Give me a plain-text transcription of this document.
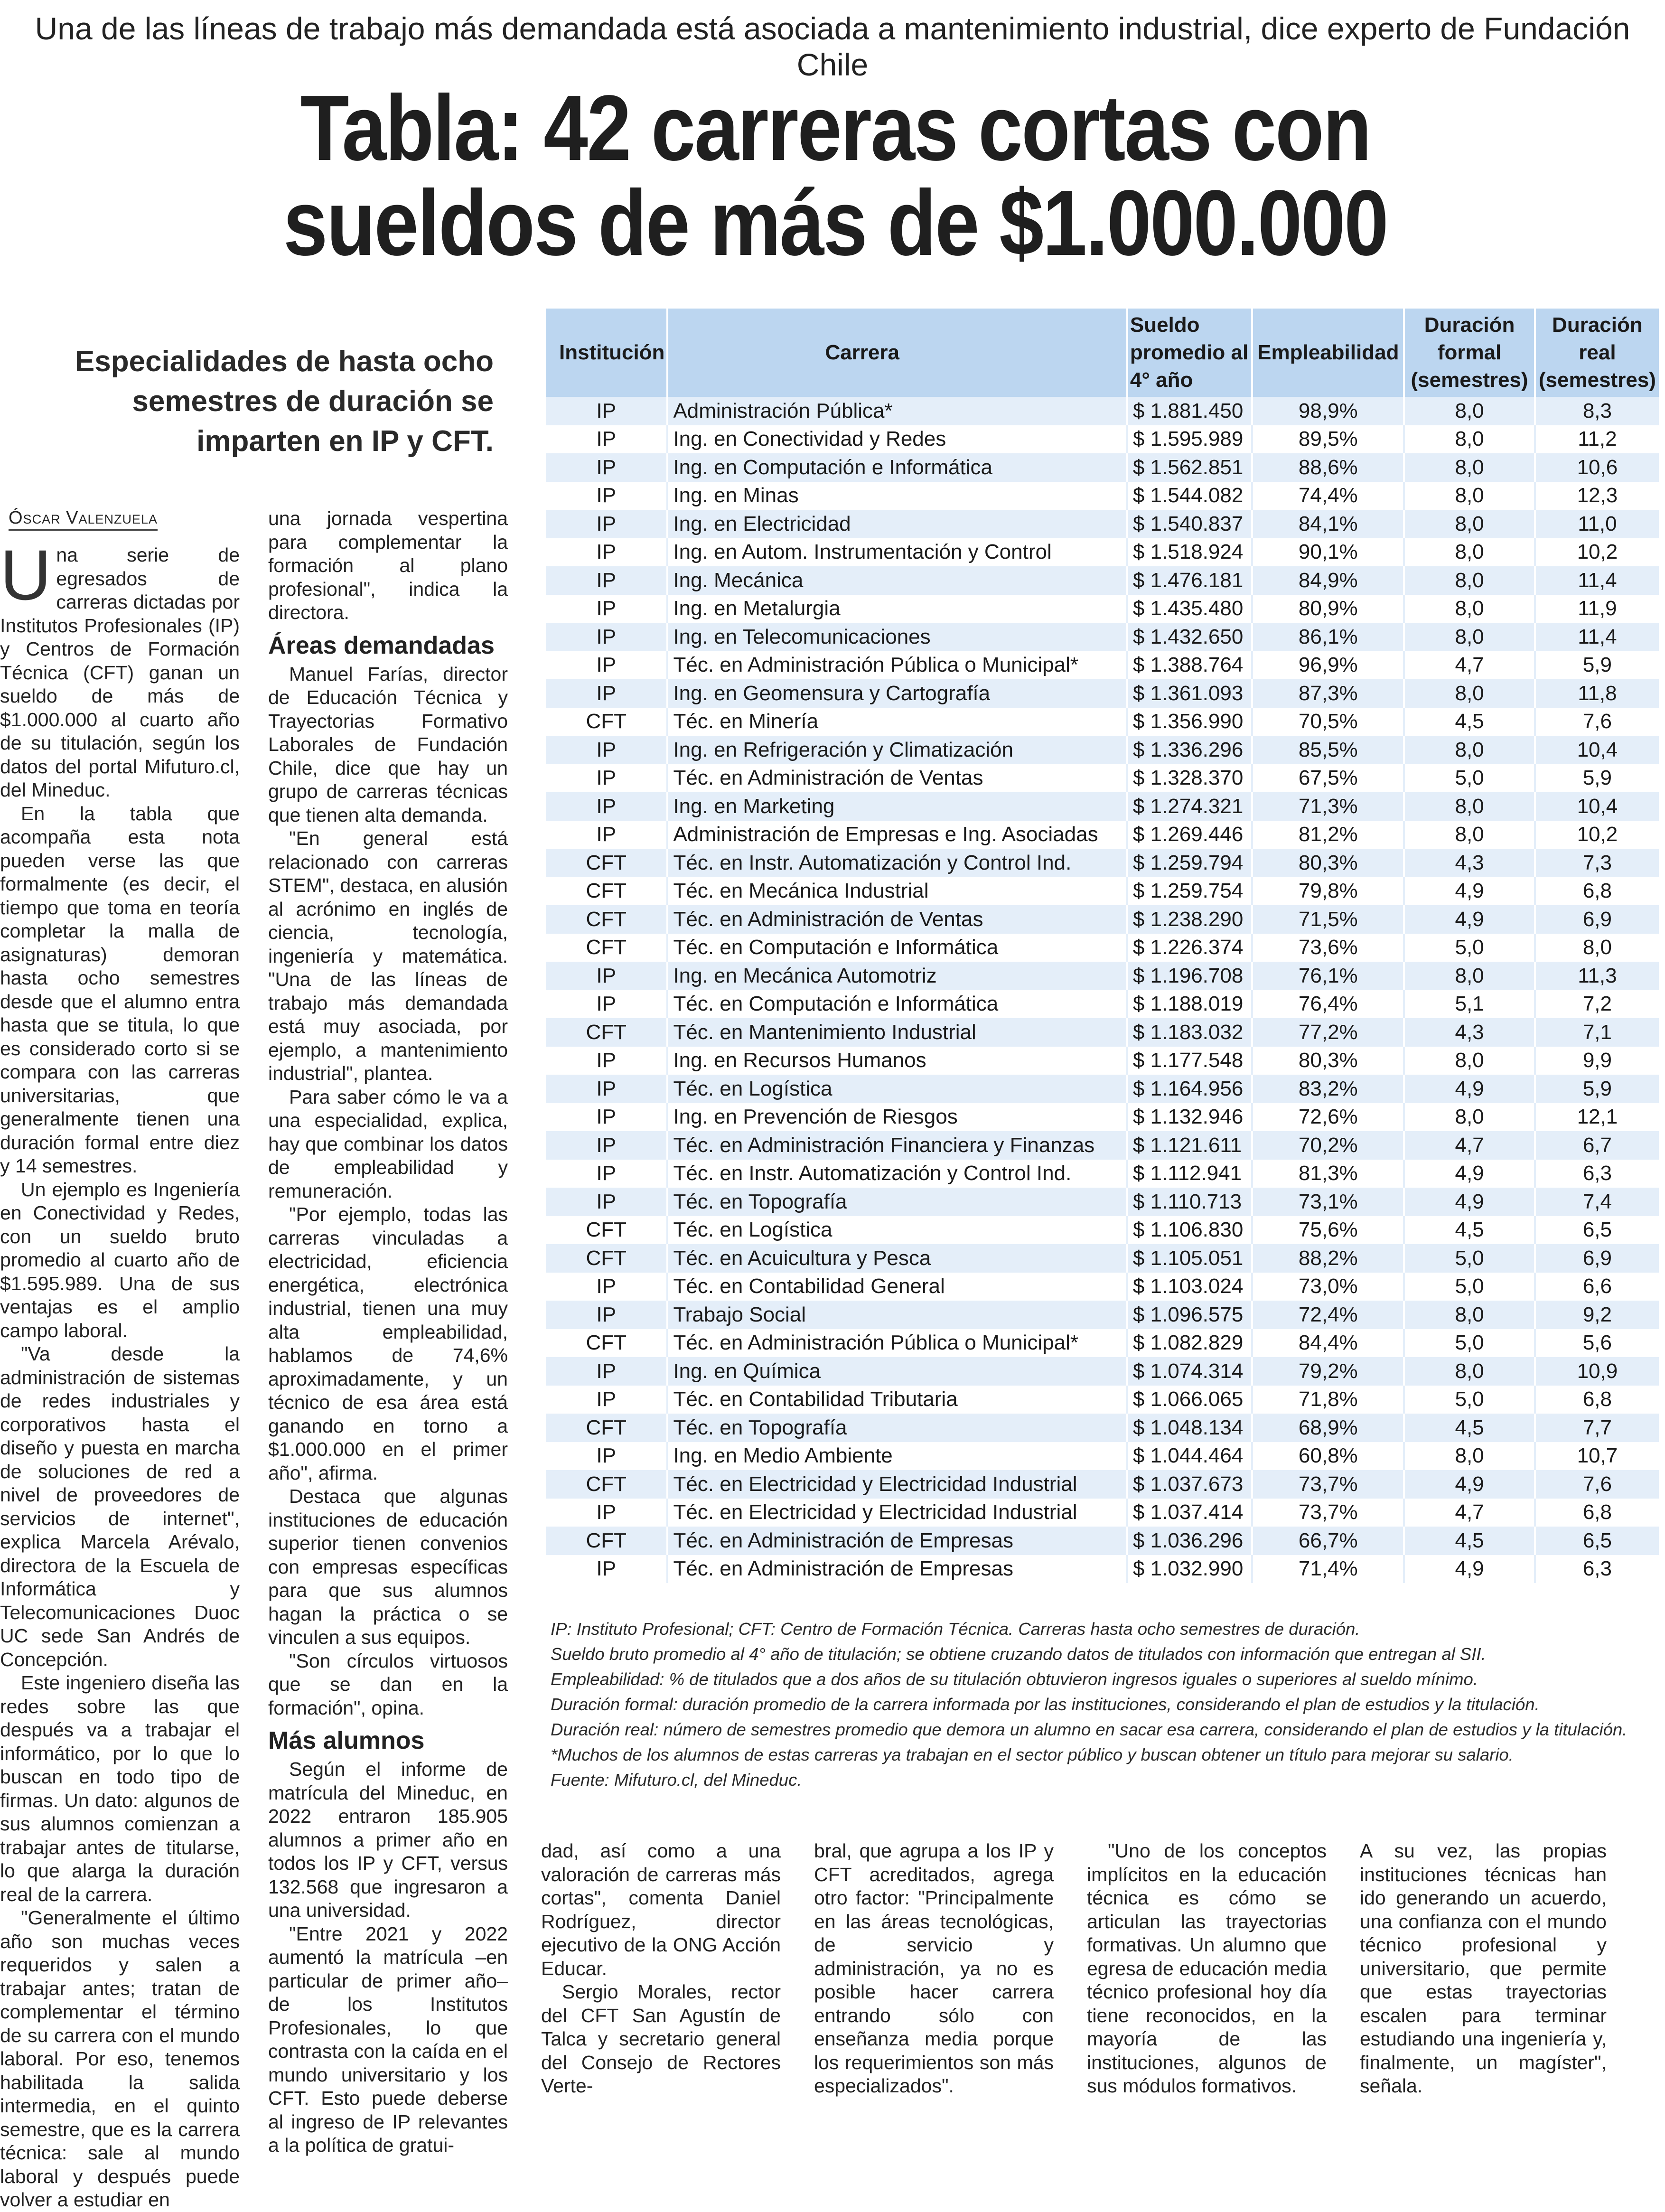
Una de las líneas de trabajo más demandada está asociada a mantenimiento industrial, dice experto de Fundación Chile
Tabla: 42 carreras cortas con
sueldos de más de $1.000.000
Especialidades de hasta ocho
semestres de duración se
imparten en IP y CFT.
Óscar Valenzuela

Una serie de egresados de carreras dictadas por Institutos Profesionales (IP) y Centros de Formación Técnica (CFT) ganan un sueldo de más de $1.000.000 al cuarto año de su titulación, según los datos del portal Mifuturo.cl, del Mineduc.

En la tabla que acompaña esta nota pueden verse las que formalmente (es decir, el tiempo que toma en teoría completar la malla de asignaturas) demoran hasta ocho semestres desde que el alumno entra hasta que se titula, lo que es considerado corto si se compara con las carreras universitarias, que generalmente tienen una duración formal entre diez y 14 semestres.

Un ejemplo es Ingeniería en Conectividad y Redes, con un sueldo bruto promedio al cuarto año de $1.595.989. Una de sus ventajas es el amplio campo laboral.

"Va desde la administración de sistemas de redes industriales y corporativos hasta el diseño y puesta en marcha de soluciones de red a nivel de proveedores de servicios de internet", explica Marcela Arévalo, directora de la Escuela de Informática y Telecomunicaciones Duoc UC sede San Andrés de Concepción.

Este ingeniero diseña las redes sobre las que después va a trabajar el informático, por lo que lo buscan en todo tipo de firmas. Un dato: algunos de sus alumnos comienzan a trabajar antes de titularse, lo que alarga la duración real de la carrera.

"Generalmente el último año son muchas veces requeridos y salen a trabajar antes; tratan de complementar el término de su carrera con el mundo laboral. Por eso, tenemos habilitada la salida intermedia, en el quinto semestre, que es la carrera técnica: sale al mundo laboral y después puede volver a estudiar en

una jornada vespertina para complementar la formación al plano profesional", indica la directora.

Áreas demandadas

Manuel Farías, director de Educación Técnica y Trayectorias Formativo Laborales de Fundación Chile, dice que hay un grupo de carreras técnicas que tienen alta demanda.

"En general está relacionado con carreras STEM", destaca, en alusión al acrónimo en inglés de ciencia, tecnología, ingeniería y matemática. "Una de las líneas de trabajo más demandada está muy asociada, por ejemplo, a mantenimiento industrial", plantea.

Para saber cómo le va a una especialidad, explica, hay que combinar los datos de empleabilidad y remuneración.

"Por ejemplo, todas las carreras vinculadas a electricidad, eficiencia energética, electrónica industrial, tienen una muy alta empleabilidad, hablamos de 74,6% aproximadamente, y un técnico de esa área está ganando en torno a $1.000.000 en el primer año", afirma.

Destaca que algunas instituciones de educación superior tienen convenios con empresas específicas para que sus alumnos hagan la práctica o se vinculen a sus equipos.

"Son círculos virtuosos que se dan en la formación", opina.

Más alumnos

Según el informe de matrícula del Mineduc, en 2022 entraron 185.905 alumnos a primer año en todos los IP y CFT, versus 132.568 que ingresaron a una universidad.

"Entre 2021 y 2022 aumentó la matrícula –en particular de primer año– de los Institutos Profesionales, lo que contrasta con la caída en el mundo universitario y los CFT. Esto puede deberse al ingreso de IP relevantes a la política de gratui-

Institución	Carrera	Sueldo promedio al 4° año	Empleabilidad	Duración formal (semestres)	Duración real (semestres)
IP	Administración Pública*	$ 1.881.450	98,9%	8,0	8,3
IP	Ing. en Conectividad y Redes	$ 1.595.989	89,5%	8,0	11,2
IP	Ing. en Computación e Informática	$ 1.562.851	88,6%	8,0	10,6
IP	Ing. en Minas	$ 1.544.082	74,4%	8,0	12,3
IP	Ing. en Electricidad	$ 1.540.837	84,1%	8,0	11,0
IP	Ing. en Autom. Instrumentación y Control	$ 1.518.924	90,1%	8,0	10,2
IP	Ing. Mecánica	$ 1.476.181	84,9%	8,0	11,4
IP	Ing. en Metalurgia	$ 1.435.480	80,9%	8,0	11,9
IP	Ing. en Telecomunicaciones	$ 1.432.650	86,1%	8,0	11,4
IP	Téc. en Administración Pública o Municipal*	$ 1.388.764	96,9%	4,7	5,9
IP	Ing. en Geomensura y Cartografía	$ 1.361.093	87,3%	8,0	11,8
CFT	Téc. en Minería	$ 1.356.990	70,5%	4,5	7,6
IP	Ing. en Refrigeración y Climatización	$ 1.336.296	85,5%	8,0	10,4
IP	Téc. en Administración de Ventas	$ 1.328.370	67,5%	5,0	5,9
IP	Ing. en Marketing	$ 1.274.321	71,3%	8,0	10,4
IP	Administración de Empresas e Ing. Asociadas	$ 1.269.446	81,2%	8,0	10,2
CFT	Téc. en Instr. Automatización y Control Ind.	$ 1.259.794	80,3%	4,3	7,3
CFT	Téc. en Mecánica Industrial	$ 1.259.754	79,8%	4,9	6,8
CFT	Téc. en Administración de Ventas	$ 1.238.290	71,5%	4,9	6,9
CFT	Téc. en Computación e Informática	$ 1.226.374	73,6%	5,0	8,0
IP	Ing. en Mecánica Automotriz	$ 1.196.708	76,1%	8,0	11,3
IP	Téc. en Computación e Informática	$ 1.188.019	76,4%	5,1	7,2
CFT	Téc. en Mantenimiento Industrial	$ 1.183.032	77,2%	4,3	7,1
IP	Ing. en Recursos Humanos	$ 1.177.548	80,3%	8,0	9,9
IP	Téc. en Logística	$ 1.164.956	83,2%	4,9	5,9
IP	Ing. en Prevención de Riesgos	$ 1.132.946	72,6%	8,0	12,1
IP	Téc. en Administración Financiera y Finanzas	$ 1.121.611	70,2%	4,7	6,7
IP	Téc. en Instr. Automatización y Control Ind.	$ 1.112.941	81,3%	4,9	6,3
IP	Téc. en Topografía	$ 1.110.713	73,1%	4,9	7,4
CFT	Téc. en Logística	$ 1.106.830	75,6%	4,5	6,5
CFT	Téc. en Acuicultura y Pesca	$ 1.105.051	88,2%	5,0	6,9
IP	Téc. en Contabilidad General	$ 1.103.024	73,0%	5,0	6,6
IP	Trabajo Social	$ 1.096.575	72,4%	8,0	9,2
CFT	Téc. en Administración Pública o Municipal*	$ 1.082.829	84,4%	5,0	5,6
IP	Ing. en Química	$ 1.074.314	79,2%	8,0	10,9
IP	Téc. en Contabilidad Tributaria	$ 1.066.065	71,8%	5,0	6,8
CFT	Téc. en Topografía	$ 1.048.134	68,9%	4,5	7,7
IP	Ing. en Medio Ambiente	$ 1.044.464	60,8%	8,0	10,7
CFT	Téc. en Electricidad y Electricidad Industrial	$ 1.037.673	73,7%	4,9	7,6
IP	Téc. en Electricidad y Electricidad Industrial	$ 1.037.414	73,7%	4,7	6,8
CFT	Téc. en Administración de Empresas	$ 1.036.296	66,7%	4,5	6,5
IP	Téc. en Administración de Empresas	$ 1.032.990	71,4%	4,9	6,3
IP: Instituto Profesional; CFT: Centro de Formación Técnica. Carreras hasta ocho semestres de duración.
Sueldo bruto promedio al 4° año de titulación; se obtiene cruzando datos de titulados con información que entregan al SII.
Empleabilidad: % de titulados que a dos años de su titulación obtuvieron ingresos iguales o superiores al sueldo mínimo.
Duración formal: duración promedio de la carrera informada por las instituciones, considerando el plan de estudios y la titulación.
Duración real: número de semestres promedio que demora un alumno en sacar esa carrera, considerando el plan de estudios y la titulación.
*Muchos de los alumnos de estas carreras ya trabajan en el sector público y buscan obtener un título para mejorar su salario.
Fuente: Mifuturo.cl, del Mineduc.

dad, así como a una valoración de carreras más cortas", comenta Daniel Rodríguez, director ejecutivo de la ONG Acción Educar.

Sergio Morales, rector del CFT San Agustín de Talca y secretario general del Consejo de Rectores Verte-

bral, que agrupa a los IP y CFT acreditados, agrega otro factor: "Principalmente en las áreas tecnológicas, de servicio y administración, ya no es posible hacer carrera entrando sólo con enseñanza media porque los requerimientos son más especializados".

"Uno de los conceptos implícitos en la educación técnica es cómo se articulan las trayectorias formativas. Un alumno que egresa de educación media técnico profesional hoy día tiene reconocidos, en la mayoría de las instituciones, algunos de sus módulos formativos.

A su vez, las propias instituciones técnicas han ido generando un acuerdo, una confianza con el mundo técnico profesional y universitario, que permite que estas trayectorias escalen para terminar estudiando una ingeniería y, finalmente, un magíster", señala.
